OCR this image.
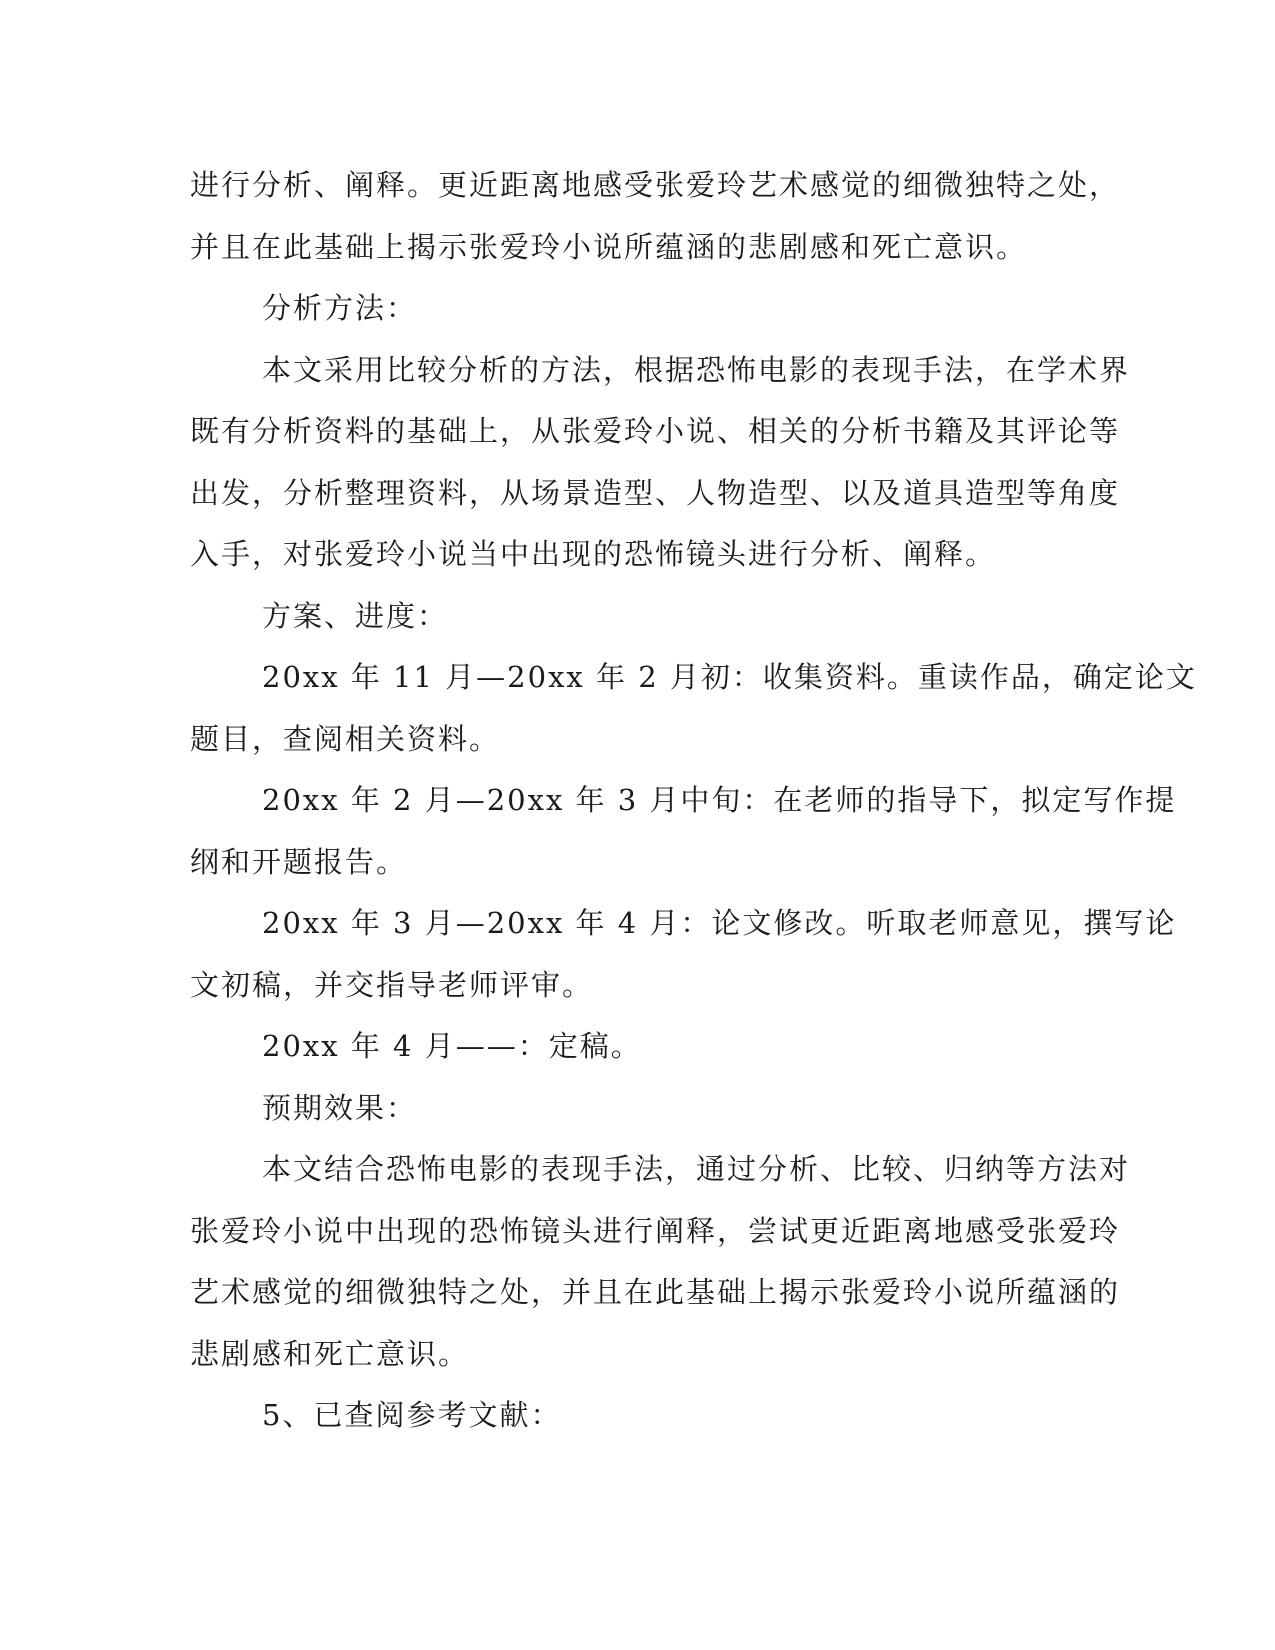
进行分析、阐释。更近距离地感受张爱玲艺术感觉的细微独特之处，
并且在此基础上揭示张爱玲小说所蕴涵的悲剧感和死亡意识。
分析方法：
本文采用比较分析的方法，根据恐怖电影的表现手法，在学术界
既有分析资料的基础上，从张爱玲小说、相关的分析书籍及其评论等
出发，分析整理资料，从场景造型、人物造型、以及道具造型等角度
入手，对张爱玲小说当中出现的恐怖镜头进行分析、阐释。
方案、进度：
20xx 年 11 月—20xx 年 2 月初：收集资料。重读作品，确定论文
题目，查阅相关资料。
20xx 年 2 月—20xx 年 3 月中旬：在老师的指导下，拟定写作提
纲和开题报告。
20xx 年 3 月—20xx 年 4 月：论文修改。听取老师意见，撰写论
文初稿，并交指导老师评审。
20xx 年 4 月——：定稿。
预期效果：
本文结合恐怖电影的表现手法，通过分析、比较、归纳等方法对
张爱玲小说中出现的恐怖镜头进行阐释，尝试更近距离地感受张爱玲
艺术感觉的细微独特之处，并且在此基础上揭示张爱玲小说所蕴涵的
悲剧感和死亡意识。
5、已查阅参考文献：
